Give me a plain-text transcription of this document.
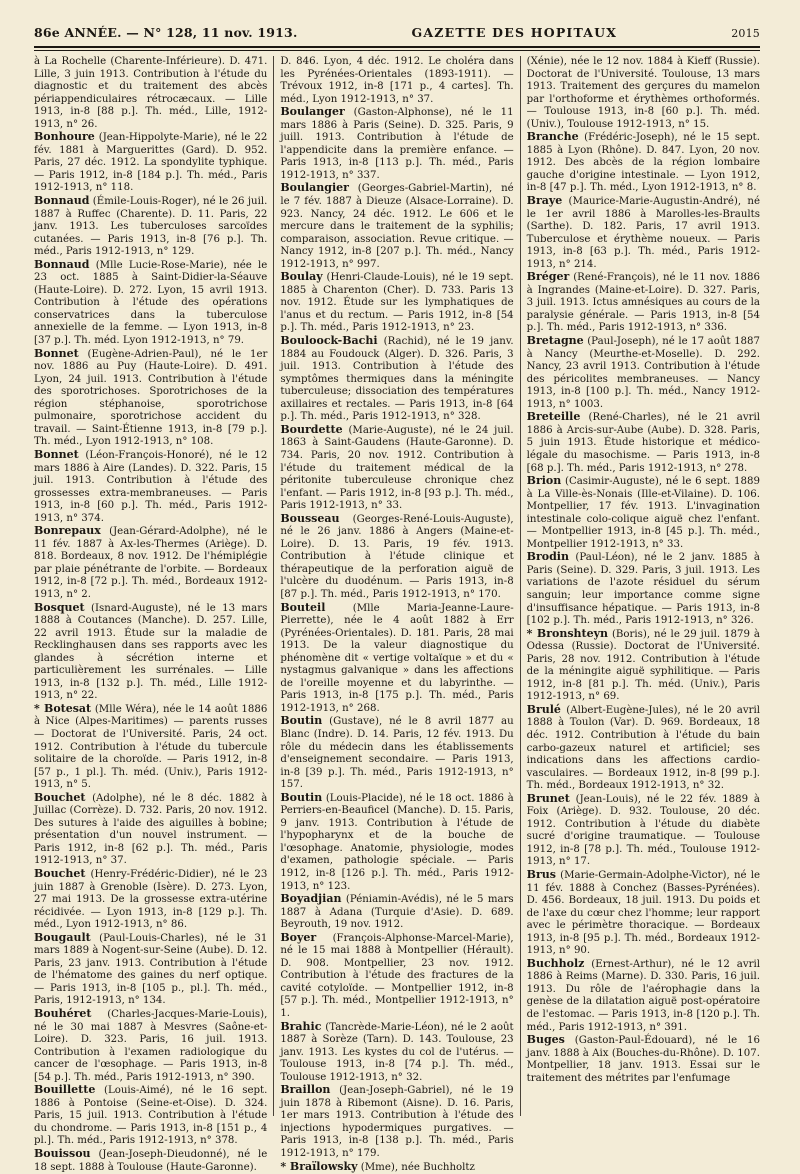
86e ANNÉE. — N° 128, 11 nov. 1913.	GAZETTE DES HOPITAUX	2015

à La Rochelle (Charente-Inférieure). D. 471. Lille, 3 juin 1913. Contribution à l'étude du diagnostic et du traitement des abcès périappendiculaires rétrocæcaux. — Lille 1913, in-8 [88 p.]. Th. méd., Lille, 1912-1913, n° 26.

Bonhoure (Jean-Hippolyte-Marie), né le 22 fév. 1881 à Marguerittes (Gard). D. 952. Paris, 27 déc. 1912. La spondylite typhique. — Paris 1912, in-8 [184 p.]. Th. méd., Paris 1912-1913, n° 118.

Bonnaud (Émile-Louis-Roger), né le 26 juil. 1887 à Ruffec (Charente). D. 11. Paris, 22 janv. 1913. Les tuberculoses sarcoïdes cutanées. — Paris 1913, in-8 [76 p.]. Th. méd., Paris 1912-1913, n° 129.

Bonnaud (Mlle Lucie-Rose-Marie), née le 23 oct. 1885 à Saint-Didier-la-Séauve (Haute-Loire). D. 272. Lyon, 15 avril 1913. Contribution à l'étude des opérations conservatrices dans la tuberculose annexielle de la femme. — Lyon 1913, in-8 [37 p.]. Th. méd. Lyon 1912-1913, n° 79.

Bonnet (Eugène-Adrien-Paul), né le 1er nov. 1886 au Puy (Haute-Loire). D. 491. Lyon, 24 juil. 1913. Contribution à l'étude des sporotrichoses. Sporotrichoses de la région stéphanoise, sporotrichose pulmonaire, sporotrichose accident du travail. — Saint-Étienne 1913, in-8 [79 p.]. Th. méd., Lyon 1912-1913, n° 108.

Bonnet (Léon-François-Honoré), né le 12 mars 1886 à Aire (Landes). D. 322. Paris, 15 juil. 1913. Contribution à l'étude des grossesses extra-membraneuses. — Paris 1913, in-8 [60 p.]. Th. méd., Paris 1912-1913, n° 374.

Bonrepaux (Jean-Gérard-Adolphe), né le 11 fév. 1887 à Ax-les-Thermes (Ariège). D. 818. Bordeaux, 8 nov. 1912. De l'hémiplégie par plaie pénétrante de l'orbite. — Bordeaux 1912, in-8 [72 p.]. Th. méd., Bordeaux 1912-1913, n° 2.

Bosquet (Isnard-Auguste), né le 13 mars 1888 à Coutances (Manche). D. 257. Lille, 22 avril 1913. Étude sur la maladie de Recklinghausen dans ses rapports avec les glandes à sécrétion interne et particulièrement les surrénales. — Lille 1913, in-8 [132 p.]. Th. méd., Lille 1912-1913, n° 22.

* Botesat (Mlle Wéra), née le 14 août 1886 à Nice (Alpes-Maritimes) — parents russes — Doctorat de l'Université. Paris, 24 oct. 1912. Contribution à l'étude du tubercule solitaire de la choroïde. — Paris 1912, in-8 [57 p., 1 pl.]. Th. méd. (Univ.), Paris 1912-1913, n° 5.

Bouchet (Adolphe), né le 8 déc. 1882 à Juillac (Corrèze). D. 732. Paris, 20 nov. 1912. Des sutures à l'aide des aiguilles à bobine; présentation d'un nouvel instrument. — Paris 1912, in-8 [62 p.]. Th. méd., Paris 1912-1913, n° 37.

Bouchet (Henry-Frédéric-Didier), né le 23 juin 1887 à Grenoble (Isère). D. 273. Lyon, 27 mai 1913. De la grossesse extra-utérine récidivée. — Lyon 1913, in-8 [129 p.]. Th. méd., Lyon 1912-1913, n° 86.

Bougault (Paul-Louis-Charles), né le 31 mars 1889 à Nogent-sur-Seine (Aube). D. 12. Paris, 23 janv. 1913. Contribution à l'étude de l'hématome des gaines du nerf optique. — Paris 1913, in-8 [105 p., pl.]. Th. méd., Paris, 1912-1913, n° 134.

Bouhéret (Charles-Jacques-Marie-Louis), né le 30 mai 1887 à Mesvres (Saône-et-Loire). D. 323. Paris, 16 juil. 1913. Contribution à l'examen radiologique du cancer de l'œsophage. — Paris 1913, in-8 [54 p.]. Th. méd., Paris 1912-1913, n° 390.

Bouillette (Louis-Aimé), né le 16 sept. 1886 à Pontoise (Seine-et-Oise). D. 324. Paris, 15 juil. 1913. Contribution à l'étude du chondrome. — Paris 1913, in-8 [151 p., 4 pl.]. Th. méd., Paris 1912-1913, n° 378.

Bouissou (Jean-Joseph-Dieudonné), né le 18 sept. 1888 à Toulouse (Haute-Garonne).

D. 846. Lyon, 4 déc. 1912. Le choléra dans les Pyrénées-Orientales (1893-1911). — Trévoux 1912, in-8 [171 p., 4 cartes]. Th. méd., Lyon 1912-1913, n° 37.

Boulanger (Gaston-Alphonse), né le 11 mars 1886 à Paris (Seine). D. 325. Paris, 9 juill. 1913. Contribution à l'étude de l'appendicite dans la première enfance. — Paris 1913, in-8 [113 p.]. Th. méd., Paris 1912-1913, n° 337.

Boulangier (Georges-Gabriel-Martin), né le 7 fév. 1887 à Dieuze (Alsace-Lorraine). D. 923. Nancy, 24 déc. 1912. Le 606 et le mercure dans le traitement de la syphilis; comparaison, association. Revue critique. — Nancy 1912, in-8 [207 p.]. Th. méd., Nancy 1912-1913, n° 997.

Boulay (Henri-Claude-Louis), né le 19 sept. 1885 à Charenton (Cher). D. 733. Paris 13 nov. 1912. Étude sur les lymphatiques de l'anus et du rectum. — Paris 1912, in-8 [54 p.]. Th. méd., Paris 1912-1913, n° 23.

Bouloock-Bachi (Rachid), né le 19 janv. 1884 au Foudouck (Alger). D. 326. Paris, 3 juil. 1913. Contribution à l'étude des symptômes thermiques dans la méningite tuberculeuse; dissociation des températures axillaires et rectales. — Paris 1913, in-8 [64 p.]. Th. méd., Paris 1912-1913, n° 328.

Bourdette (Marie-Auguste), né le 24 juil. 1863 à Saint-Gaudens (Haute-Garonne). D. 734. Paris, 20 nov. 1912. Contribution à l'étude du traitement médical de la péritonite tuberculeuse chronique chez l'enfant. — Paris 1912, in-8 [93 p.]. Th. méd., Paris 1912-1913, n° 33.

Bousseau (Georges-René-Louis-Auguste), né le 26 janv. 1886 à Angers (Maine-et-Loire). D. 13. Paris, 19 fév. 1913. Contribution à l'étude clinique et thérapeutique de la perforation aiguë de l'ulcère du duodénum. — Paris 1913, in-8 [87 p.]. Th. méd., Paris 1912-1913, n° 170.

Bouteil	(Mlle Maria-Jeanne-Laure-Pierrette), née le 4 août 1882 à Err (Pyrénées-Orientales). D. 181. Paris, 28 mai 1913. De la valeur diagnostique du phénomène dit « vertige voltaïque » et du « nystagmus galvanique » dans les affections de l'oreille moyenne et du labyrinthe. — Paris 1913, in-8 [175 p.]. Th. méd., Paris 1912-1913, n° 268.

Boutin (Gustave), né le 8 avril 1877 au Blanc (Indre). D. 14. Paris, 12 fév. 1913. Du rôle du médecin dans les établissements d'enseignement secondaire. — Paris 1913, in-8 [39 p.]. Th. méd., Paris 1912-1913, n° 157.

Boutin (Louis-Placide), né le 18 oct. 1886 à Perriers-en-Beauficel (Manche). D. 15. Paris, 9 janv. 1913. Contribution à l'étude de l'hypopharynx et de la bouche de l'œsophage. Anatomie, physiologie, modes d'examen, pathologie spéciale. — Paris 1912, in-8 [126 p.]. Th. méd., Paris 1912-1913, n° 123.

Boyadjian (Péniamin-Avédis), né le 5 mars 1887 à Adana (Turquie d'Asie). D. 689. Beyrouth, 19 nov. 1912.

Boyer (François-Alphonse-Marcel-Marie), né le 15 mai 1888 à Montpellier (Hérault). D. 908. Montpellier, 23 nov. 1912. Contribution à l'étude des fractures de la cavité cotyloïde. — Montpellier 1912, in-8 [57 p.]. Th. méd., Montpellier 1912-1913, n° 1.

Brahic (Tancrède-Marie-Léon), né le 2 août 1887 à Sorèze (Tarn). D. 143. Toulouse, 23 janv. 1913. Les kystes du col de l'utérus. — Toulouse 1913, in-8 [74 p.]. Th. méd., Toulouse 1912-1913, n° 32.

Braillon (Jean-Joseph-Gabriel), né le 19 juin 1878 à Ribemont (Aisne). D. 16. Paris, 1er mars 1913. Contribution à l'étude des injections hypodermiques purgatives. — Paris 1913, in-8 [138 p.]. Th. méd., Paris 1912-1913, n° 179.

* Braïlowsky (Mme), née Buchholtz

(Xénie), née le 12 nov. 1884 à Kieff (Russie). Doctorat de l'Université. Toulouse, 13 mars 1913. Traitement des gerçures du mamelon par l'orthoforme et érythèmes orthoformés. — Toulouse 1913, in-8 [60 p.]. Th. méd. (Univ.), Toulouse 1912-1913, n° 15.

Branche (Frédéric-Joseph), né le 15 sept. 1885 à Lyon (Rhône). D. 847. Lyon, 20 nov. 1912. Des abcès de la région lombaire gauche d'origine intestinale. — Lyon 1912, in-8 [47 p.]. Th. méd., Lyon 1912-1913, n° 8.

Braye (Maurice-Marie-Augustin-André), né le 1er avril 1886 à Marolles-les-Braults (Sarthe). D. 182. Paris, 17 avril 1913. Tuberculose et érythème noueux. — Paris 1913, in-8 [63 p.]. Th. méd., Paris 1912-1913, n° 214.

Bréger (René-François), né le 11 nov. 1886 à Ingrandes (Maine-et-Loire). D. 327. Paris, 3 juil. 1913. Ictus amnésiques au cours de la paralysie générale. — Paris 1913, in-8 [54 p.]. Th. méd., Paris 1912-1913, n° 336.

Bretagne (Paul-Joseph), né le 17 août 1887 à Nancy (Meurthe-et-Moselle). D. 292. Nancy, 23 avril 1913. Contribution à l'étude des péricolites membraneuses. — Nancy 1913, in-8 [100 p.]. Th. méd., Nancy 1912-1913, n° 1003.

Breteille (René-Charles), né le 21 avril 1886 à Arcis-sur-Aube (Aube). D. 328. Paris, 5 juin 1913. Étude historique et médico-légale du masochisme. — Paris 1913, in-8 [68 p.]. Th. méd., Paris 1912-1913, n° 278.

Brion (Casimir-Auguste), né le 6 sept. 1889 à La Ville-ès-Nonais (Ille-et-Vilaine). D. 106. Montpellier, 17 fév. 1913. L'invagination intestinale colo-colique aiguë chez l'enfant. — Montpellier 1913, in-8 [45 p.]. Th. méd., Montpellier 1912-1913, n° 33.

Brodin (Paul-Léon), né le 2 janv. 1885 à Paris (Seine). D. 329. Paris, 3 juil. 1913. Les variations de l'azote résiduel du sérum sanguin; leur importance comme signe d'insuffisance hépatique. — Paris 1913, in-8 [102 p.]. Th. méd., Paris 1912-1913, n° 326.

* Bronshteyn (Boris), né le 29 juil. 1879 à Odessa (Russie). Doctorat de l'Université. Paris, 28 nov. 1912. Contribution à l'étude de la méningite aiguë syphilitique. — Paris 1912, in-8 [81 p.]. Th. méd. (Univ.), Paris 1912-1913, n° 69.

Brulé (Albert-Eugène-Jules), né le 20 avril 1888 à Toulon (Var). D. 969. Bordeaux, 18 déc. 1912. Contribution à l'étude du bain carbo-gazeux naturel et artificiel; ses indications dans les affections cardio-vasculaires. — Bordeaux 1912, in-8 [99 p.]. Th. méd., Bordeaux 1912-1913, n° 32.

Brunet (Jean-Louis), né le 22 fév. 1889 à Foix (Ariège). D. 932. Toulouse, 20 déc. 1912. Contribution à l'étude du diabète sucré d'origine traumatique. — Toulouse 1912, in-8 [78 p.]. Th. méd., Toulouse 1912-1913, n° 17.

Brus (Marie-Germain-Adolphe-Victor), né le 11 fév. 1888 à Conchez (Basses-Pyrénées). D. 456. Bordeaux, 18 juil. 1913. Du poids et de l'axe du cœur chez l'homme; leur rapport avec le périmètre thoracique. — Bordeaux 1913, in-8 [95 p.]. Th. méd., Bordeaux 1912-1913, n° 90.

Buchholz (Ernest-Arthur), né le 12 avril 1886 à Reims (Marne). D. 330. Paris, 16 juil. 1913. Du rôle de l'aérophagie dans la genèse de la dilatation aiguë post-opératoire de l'estomac. — Paris 1913, in-8 [120 p.]. Th. méd., Paris 1912-1913, n° 391.

Buges (Gaston-Paul-Édouard), né le 16 janv. 1888 à Aix (Bouches-du-Rhône). D. 107. Montpellier, 18 janv. 1913. Essai sur le traitement des métrites par l'enfumage
